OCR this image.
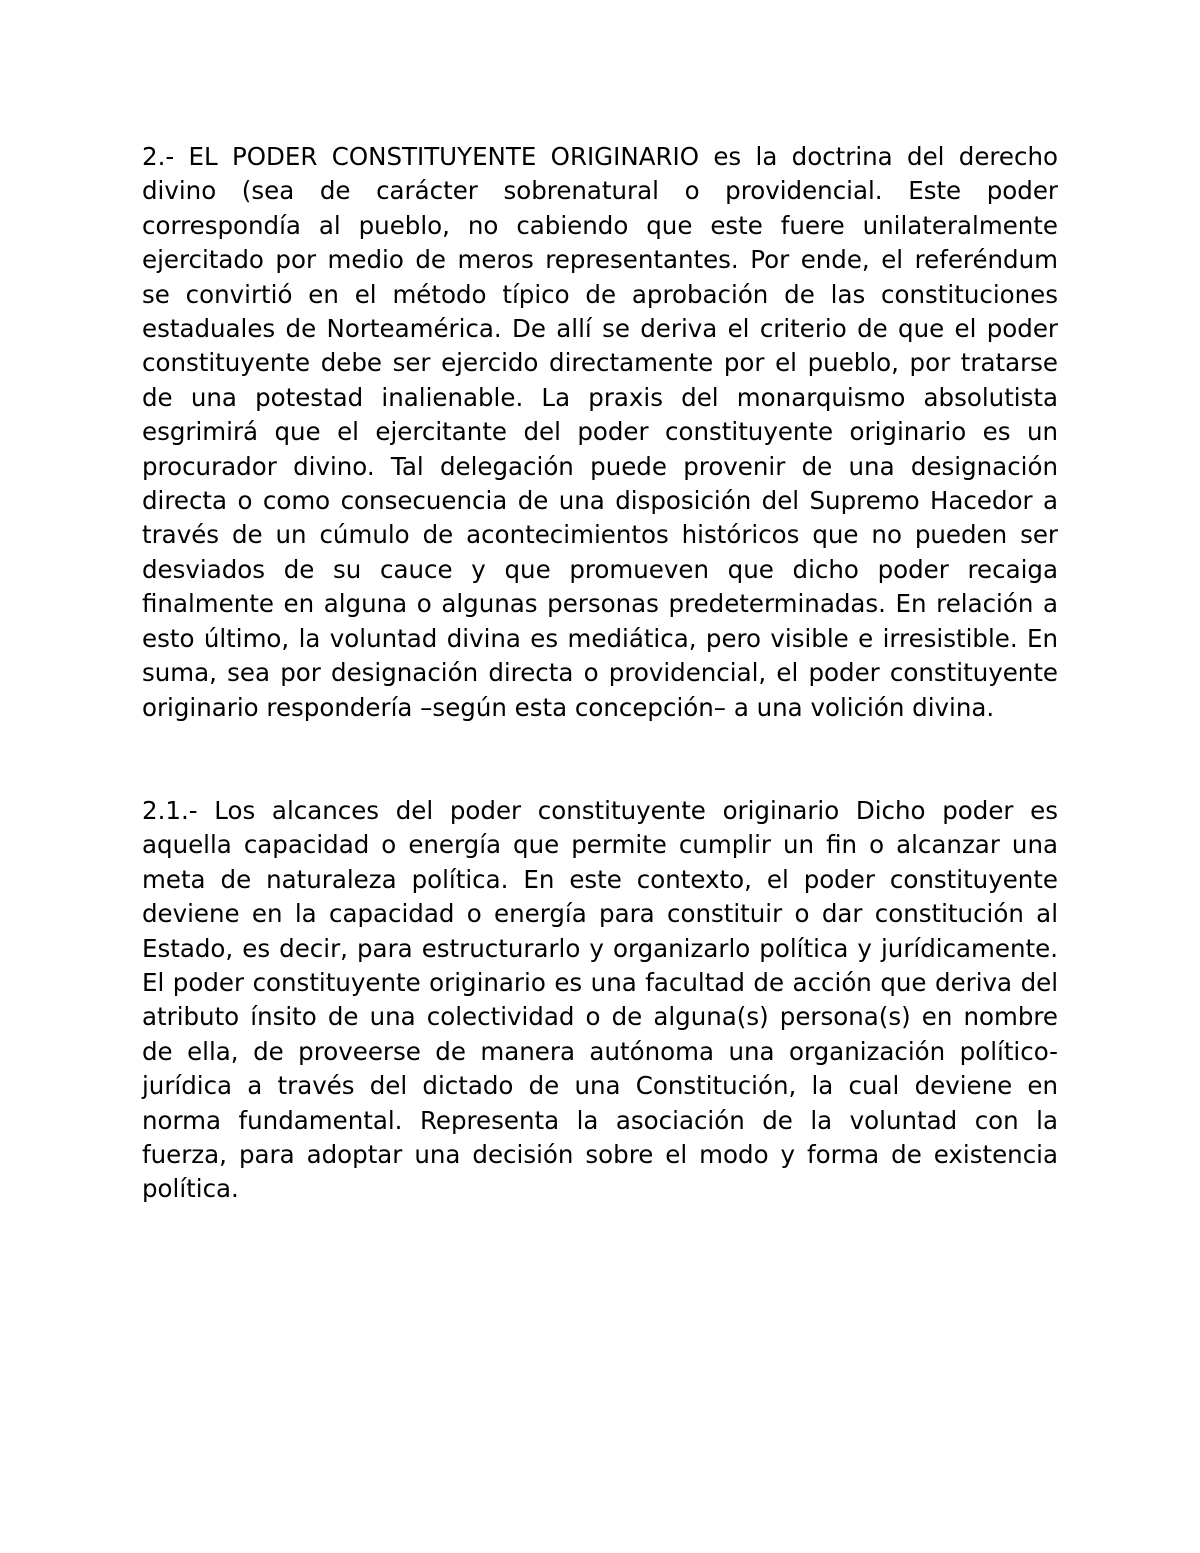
2.- EL PODER CONSTITUYENTE ORIGINARIO es la doctrina del derecho divino (sea de carácter sobrenatural o providencial. Este poder correspondía al pueblo, no cabiendo que este fuere unilateralmente ejercitado por medio de meros representantes. Por ende, el referéndum se convirtió en el método típico de aprobación de las constituciones estaduales de Norteamérica. De allí se deriva el criterio de que el poder constituyente debe ser ejercido directamente por el pueblo, por tratarse de una potestad inalienable. La praxis del monarquismo absolutista esgrimirá que el ejercitante del poder constituyente originario es un procurador divino. Tal delegación puede provenir de una designación directa o como consecuencia de una disposición del Supremo Hacedor a través de un cúmulo de acontecimientos históricos que no pueden ser desviados de su cauce y que promueven que dicho poder recaiga finalmente en alguna o algunas personas predeterminadas. En relación a esto último, la voluntad divina es mediática, pero visible e irresistible. En suma, sea por designación directa o providencial, el poder constituyente originario respondería –según esta concepción– a una volición divina.

2.1.- Los alcances del poder constituyente originario Dicho poder es aquella capacidad o energía que permite cumplir un fin o alcanzar una meta de naturaleza política. En este contexto, el poder constituyente deviene en la capacidad o energía para constituir o dar constitución al Estado, es decir, para estructurarlo y organizarlo política y jurídicamente. El poder constituyente originario es una facultad de acción que deriva del atributo ínsito de una colectividad o de alguna(s) persona(s) en nombre de ella, de proveerse de manera autónoma una organización político-jurídica a través del dictado de una Constitución, la cual deviene en norma fundamental. Representa la asociación de la voluntad con la fuerza, para adoptar una decisión sobre el modo y forma de existencia política.
